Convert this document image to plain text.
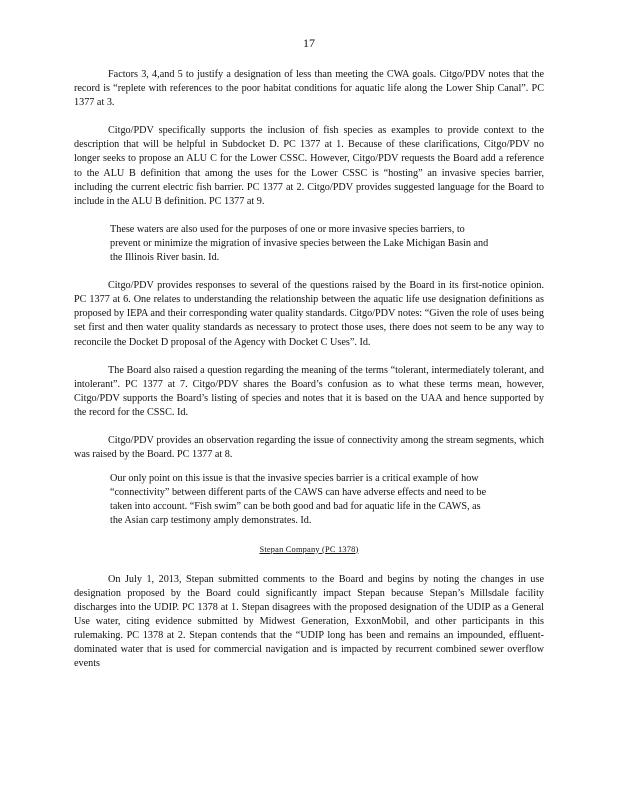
17

Factors 3, 4,and 5 to justify a designation of less than meeting the CWA goals. Citgo/PDV notes that the record is “replete with references to the poor habitat conditions for aquatic life along the Lower Ship Canal”. PC 1377 at 3.

Citgo/PDV specifically supports the inclusion of fish species as examples to provide context to the description that will be helpful in Subdocket D. PC 1377 at 1. Because of these clarifications, Citgo/PDV no longer seeks to propose an ALU C for the Lower CSSC. However, Citgo/PDV requests the Board add a reference to the ALU B definition that among the uses for the Lower CSSC is “hosting” an invasive species barrier, including the current electric fish barrier. PC 1377 at 2. Citgo/PDV provides suggested language for the Board to include in the ALU B definition. PC 1377 at 9.

These waters are also used for the purposes of one or more invasive species barriers, to prevent or minimize the migration of invasive species between the Lake Michigan Basin and the Illinois River basin. Id.

Citgo/PDV provides responses to several of the questions raised by the Board in its first-notice opinion. PC 1377 at 6. One relates to understanding the relationship between the aquatic life use designation definitions as proposed by IEPA and their corresponding water quality standards. Citgo/PDV notes: “Given the role of uses being set first and then water quality standards as necessary to protect those uses, there does not seem to be any way to reconcile the Docket D proposal of the Agency with Docket C Uses”. Id.

The Board also raised a question regarding the meaning of the terms “tolerant, intermediately tolerant, and intolerant”. PC 1377 at 7. Citgo/PDV shares the Board’s confusion as to what these terms mean, however, Citgo/PDV supports the Board’s listing of species and notes that it is based on the UAA and hence supported by the record for the CSSC. Id.

Citgo/PDV provides an observation regarding the issue of connectivity among the stream segments, which was raised by the Board. PC 1377 at 8.

Our only point on this issue is that the invasive species barrier is a critical example of how “connectivity” between different parts of the CAWS can have adverse effects and need to be taken into account. “Fish swim” can be both good and bad for aquatic life in the CAWS, as the Asian carp testimony amply demonstrates. Id.

Stepan Company (PC 1378)

On July 1, 2013, Stepan submitted comments to the Board and begins by noting the changes in use designation proposed by the Board could significantly impact Stepan because Stepan’s Millsdale facility discharges into the UDIP. PC 1378 at 1. Stepan disagrees with the proposed designation of the UDIP as a General Use water, citing evidence submitted by Midwest Generation, ExxonMobil, and other participants in this rulemaking. PC 1378 at 2. Stepan contends that the “UDIP long has been and remains an impounded, effluent-dominated water that is used for commercial navigation and is impacted by recurrent combined sewer overflow events
